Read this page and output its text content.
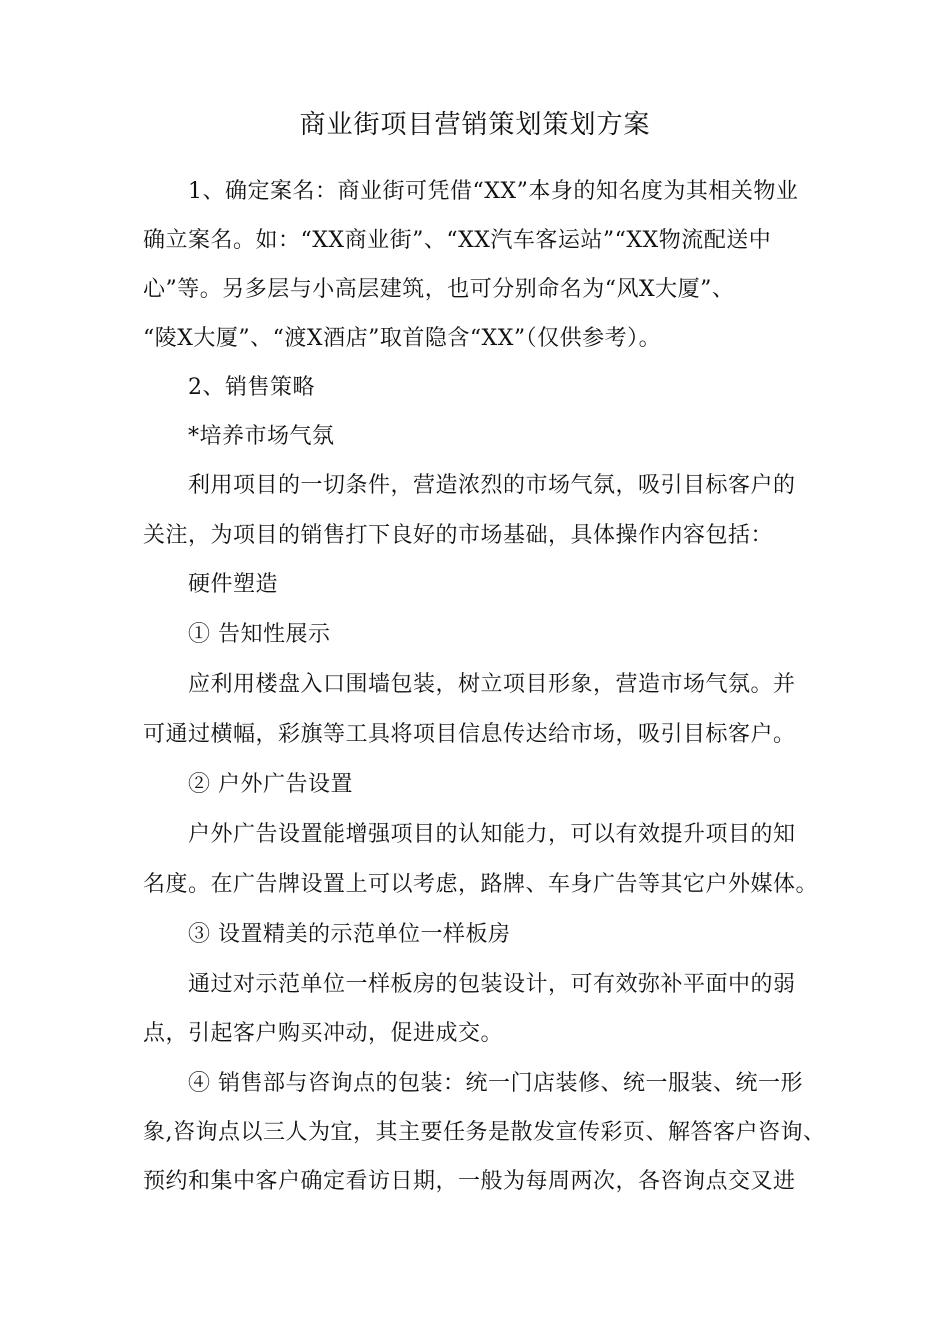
商业街项目营销策划策划方案
1、确定案名：商业街可凭借“XX”本身的知名度为其相关物业
确立案名。如：“XX商业街”、“XX汽车客运站”“XX物流配送中
心”等。另多层与小高层建筑，也可分别命名为“风X大厦”、
“陵X大厦”、“渡X酒店”取首隐含“XX”（仅供参考）。
2、销售策略
*培养市场气氛
利用项目的一切条件，营造浓烈的市场气氛，吸引目标客户的
关注，为项目的销售打下良好的市场基础，具体操作内容包括：
硬件塑造
① 告知性展示
应利用楼盘入口围墙包装，树立项目形象，营造市场气氛。并
可通过横幅，彩旗等工具将项目信息传达给市场，吸引目标客户。
② 户外广告设置
户外广告设置能增强项目的认知能力，可以有效提升项目的知
名度。在广告牌设置上可以考虑，路牌、车身广告等其它户外媒体。
③ 设置精美的示范单位一样板房
通过对示范单位一样板房的包装设计，可有效弥补平面中的弱
点，引起客户购买冲动，促进成交。
④ 销售部与咨询点的包装：统一门店装修、统一服装、统一形
象,咨询点以三人为宜，其主要任务是散发宣传彩页、解答客户咨询、
预约和集中客户确定看访日期，一般为每周两次，各咨询点交叉进
